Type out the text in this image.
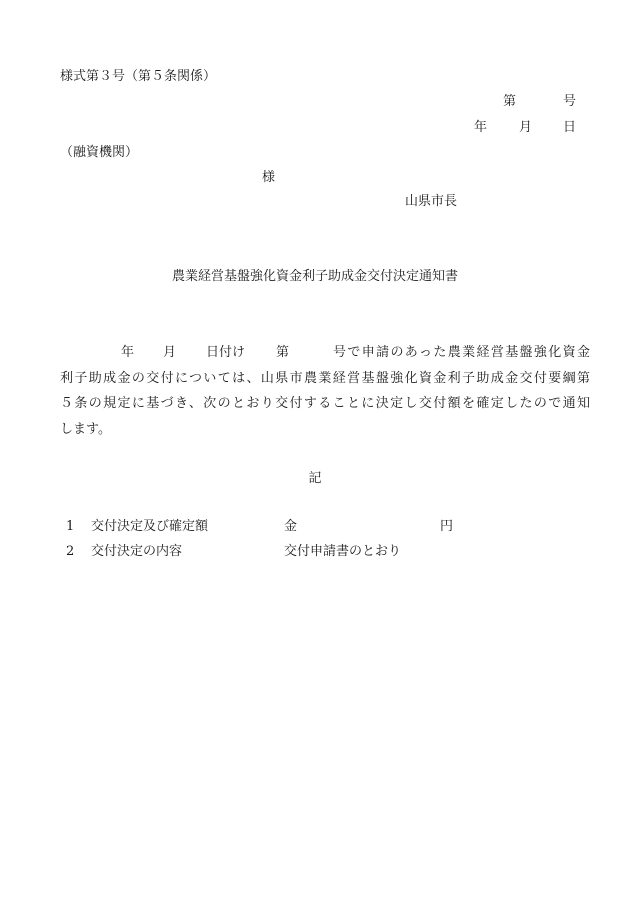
様式第３号（第５条関係）
第	号
年 月 日
（融資機関）
様
山県市長
農業経営基盤強化資金利子助成金交付決定通知書
年 月 日付け 第	号で申請のあった農業経営基盤強化資金
利子助成金の交付については、山県市農業経営基盤強化資金利子助成金交付要綱第
５条の規定に基づき、次のとおり交付することに決定し交付額を確定したので通知
します。
記
1 交付決定及び確定額	金	円
2 交付決定の内容	交付申請書のとおり
